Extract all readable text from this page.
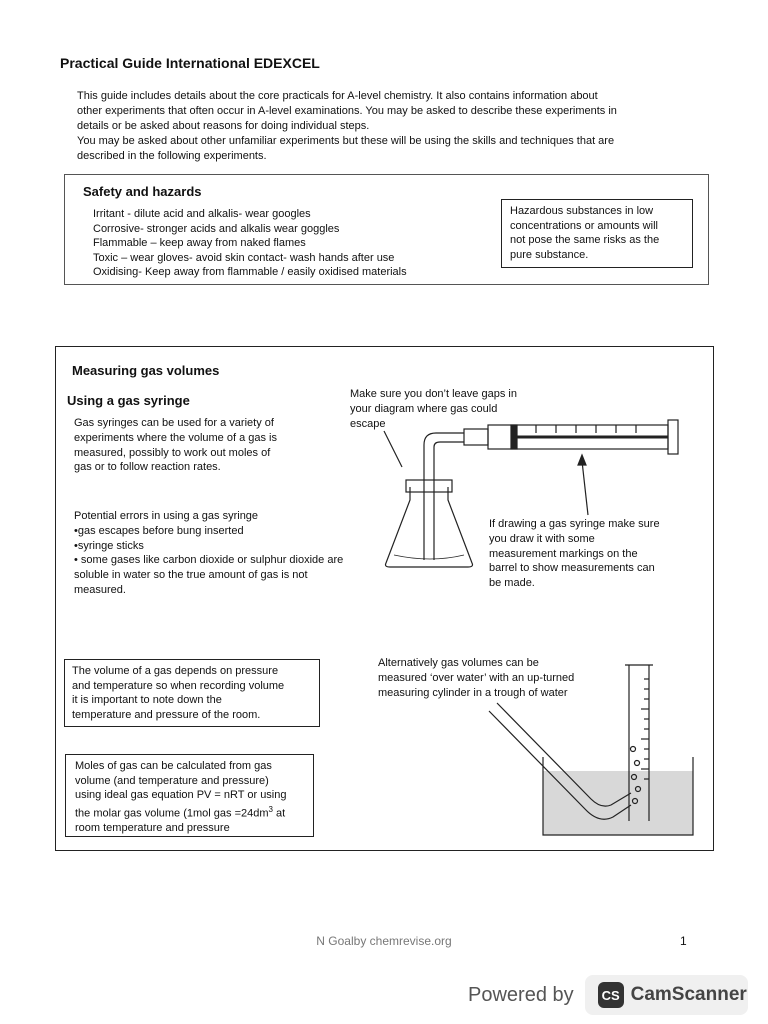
Practical Guide International EDEXCEL
This guide includes details about the core practicals for A-level chemistry. It also contains information about
other experiments that often occur in A-level examinations. You may be asked to describe these experiments in
details or be asked about reasons for doing individual steps.
You may be asked about other unfamiliar experiments but these will be using the skills and techniques that are
described in the following experiments.
Safety and hazards
Irritant - dilute acid and alkalis- wear googles
Corrosive- stronger acids and alkalis wear goggles
Flammable – keep away from naked flames
Toxic – wear gloves- avoid skin contact- wash hands after use
Oxidising- Keep away from flammable / easily oxidised materials
Hazardous substances in low
concentrations or amounts will
not pose the same risks as the
pure substance.
Measuring gas volumes
Using a gas syringe
Gas syringes can be used for a variety of
experiments where the volume of a gas is
measured, possibly to work out moles of
gas or to follow reaction rates.
Make sure you don’t leave gaps in
your diagram where gas could
escape
Potential errors in using a gas syringe
•gas escapes before bung inserted
•syringe sticks
• some gases like carbon dioxide or sulphur dioxide are
soluble in water so the true amount of gas is not
measured.
If drawing a gas syringe make sure
you draw it with some
measurement markings on the
barrel to show measurements can
be made.
The volume of a gas depends on pressure
and temperature so when recording volume
it is important to note down the
temperature and pressure of the room.
Alternatively gas volumes can be
measured ‘over water’ with an up-turned
measuring cylinder in a trough of water
Moles of gas can be calculated from gas
volume (and temperature and pressure)
using ideal gas equation PV = nRT or using
the molar gas volume (1mol gas $=24dm^3$ at
room temperature and pressure
N Goalby chemrevise.org	1
Powered by	CS CamScanner
